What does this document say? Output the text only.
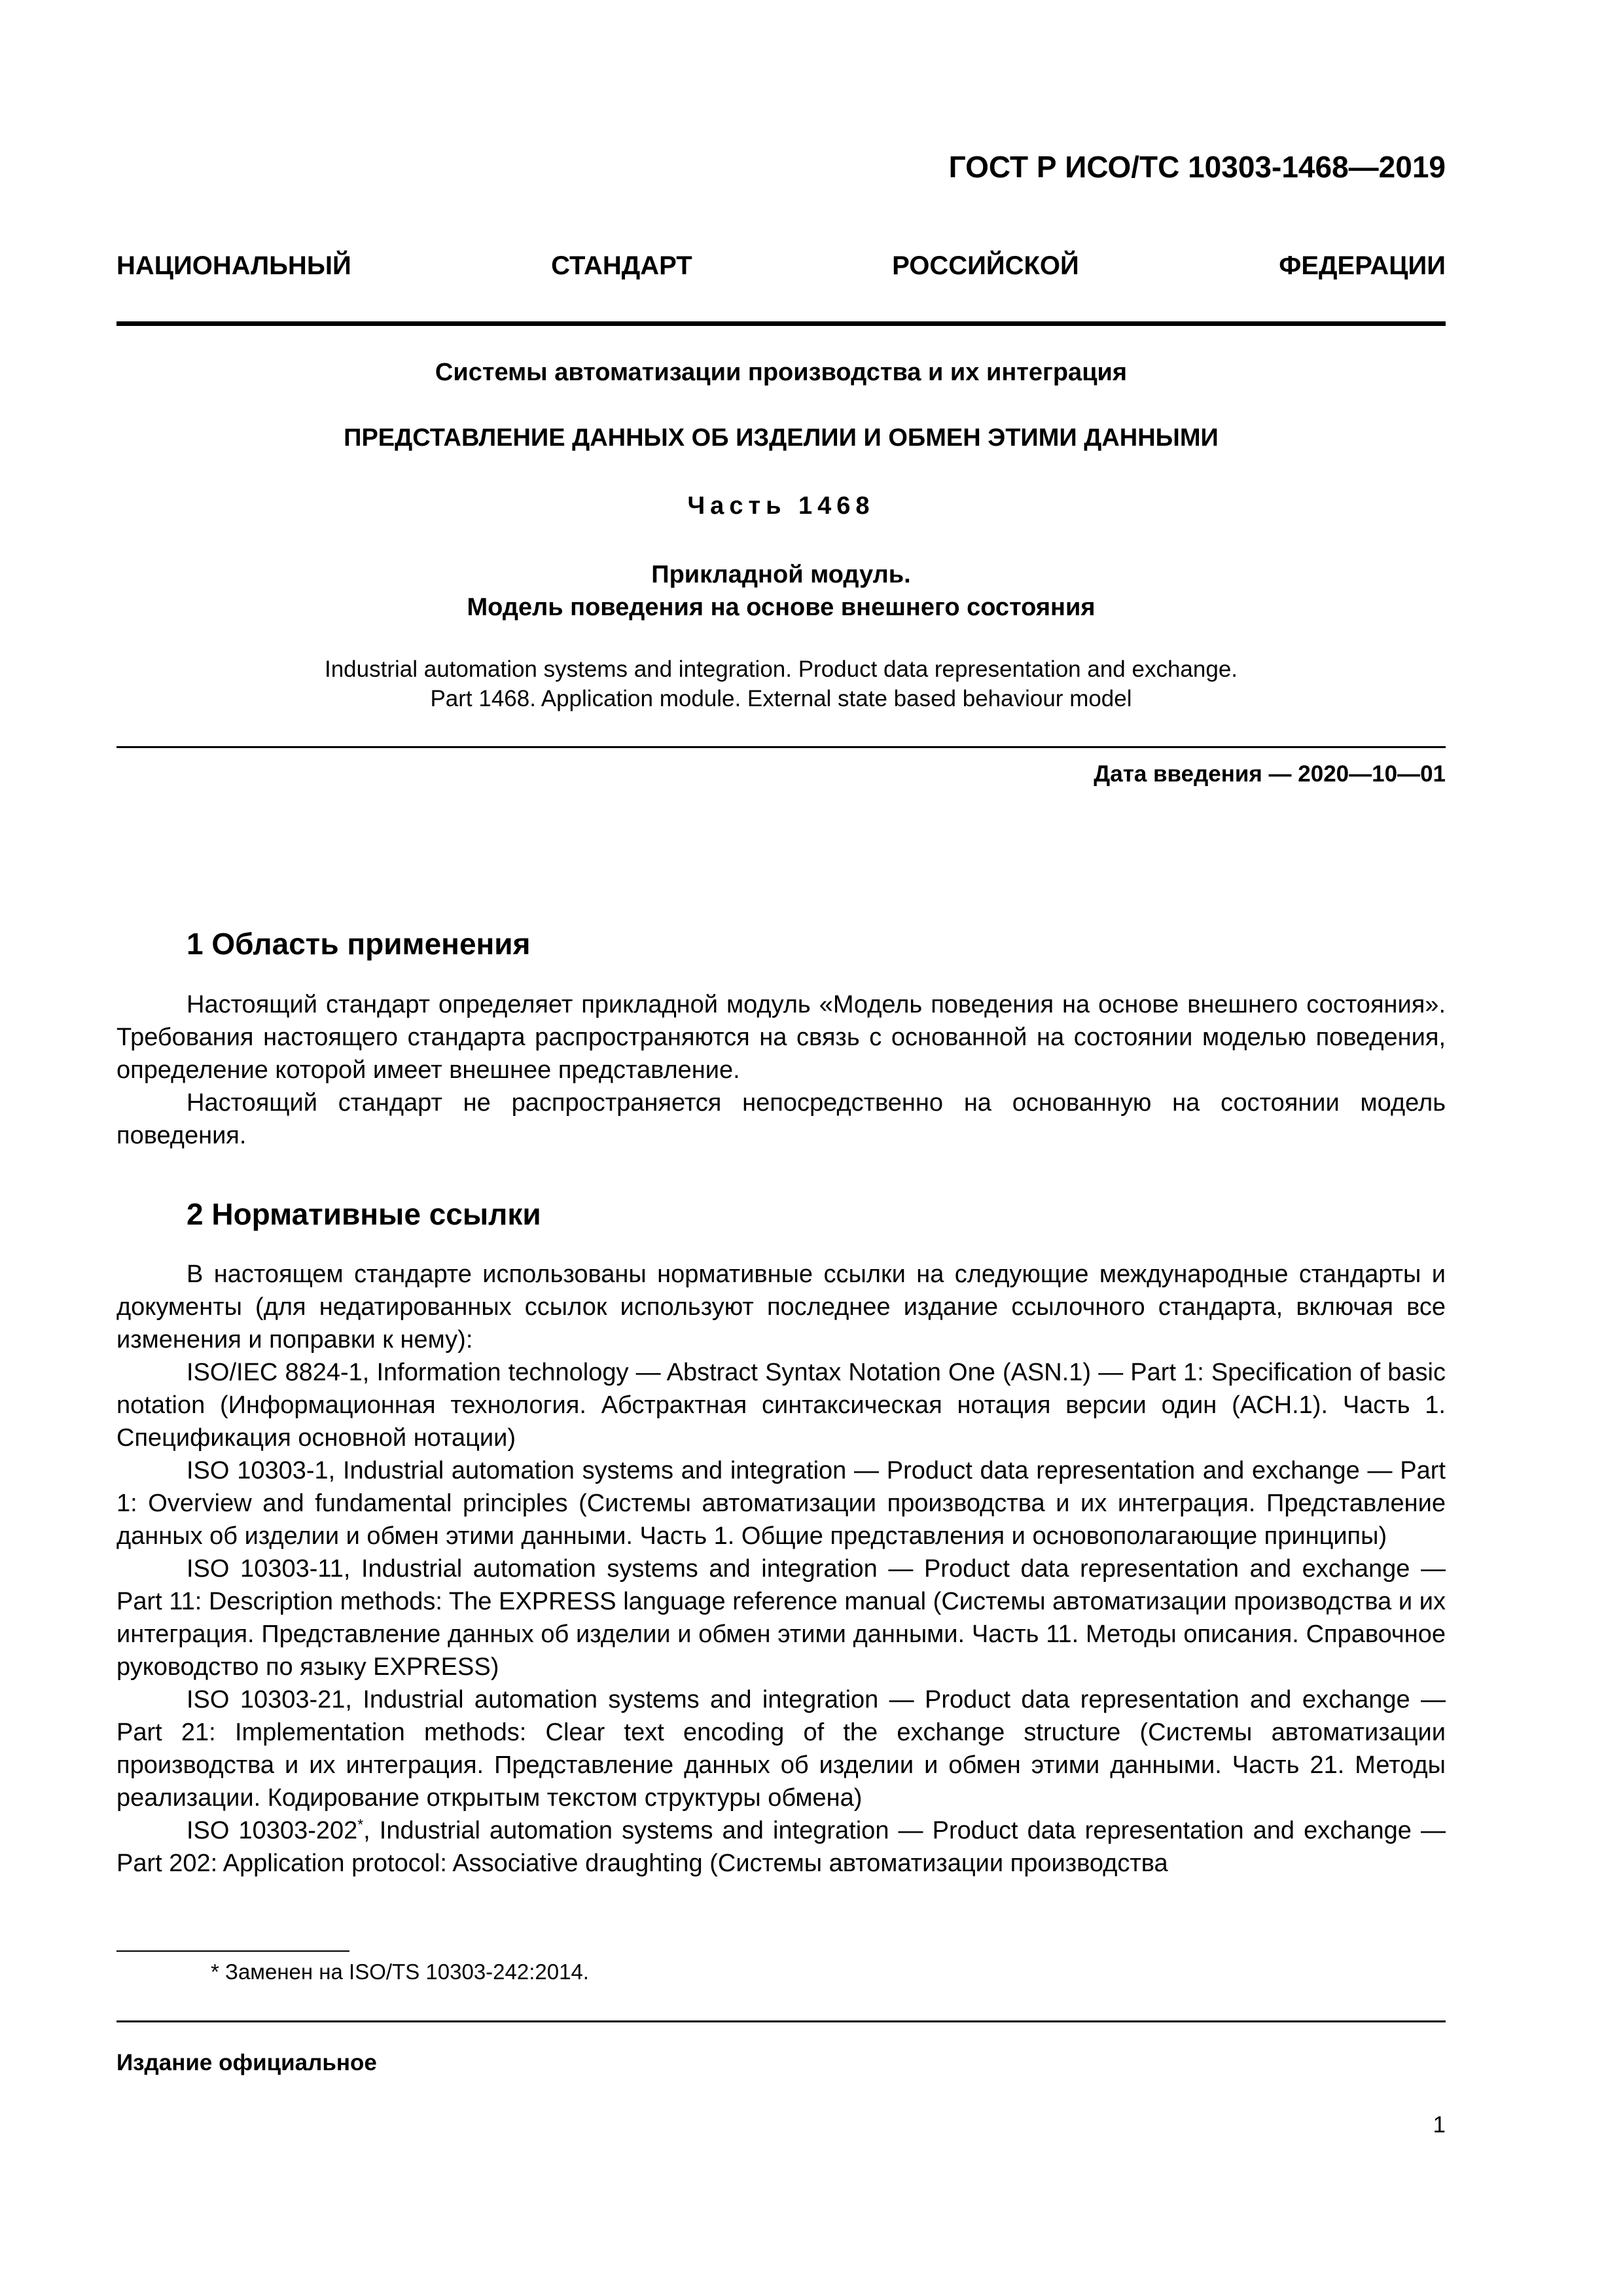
ГОСТ Р ИСО/ТС 10303-1468—2019
НАЦИОНАЛЬНЫЙ	СТАНДАРТ	РОССИЙСКОЙ	ФЕДЕРАЦИИ
Системы автоматизации производства и их интеграция
ПРЕДСТАВЛЕНИЕ ДАННЫХ ОБ ИЗДЕЛИИ И ОБМЕН ЭТИМИ ДАННЫМИ
Часть 1468
Прикладной модуль.
Модель поведения на основе внешнего состояния
Industrial automation systems and integration. Product data representation and exchange.
Part 1468. Application module. External state based behaviour model
Дата введения — 2020—10—01
1 Область применения

Настоящий стандарт определяет прикладной модуль «Модель поведения на основе внешнего состояния». Требования настоящего стандарта распространяются на связь с основанной на состоянии моделью поведения, определение которой имеет внешнее представление.

Настоящий стандарт не распространяется непосредственно на основанную на состоянии модель поведения.

2 Нормативные ссылки

В настоящем стандарте использованы нормативные ссылки на следующие международные стандарты и документы (для недатированных ссылок используют последнее издание ссылочного стандарта, включая все изменения и поправки к нему):

ISO/IEC 8824-1, Information technology — Abstract Syntax Notation One (ASN.1) — Part 1: Specification of basic notation (Информационная технология. Абстрактная синтаксическая нотация версии один (АСН.1). Часть 1. Спецификация основной нотации)

ISO 10303-1, Industrial automation systems and integration — Product data representation and exchange — Part 1: Overview and fundamental principles (Системы автоматизации производства и их интеграция. Представление данных об изделии и обмен этими данными. Часть 1. Общие представления и основополагающие принципы)

ISO 10303-11, Industrial automation systems and integration — Product data representation and exchange — Part 11: Description methods: The EXPRESS language reference manual (Системы автоматизации производства и их интеграция. Представление данных об изделии и обмен этими данными. Часть 11. Методы описания. Справочное руководство по языку EXPRESS)

ISO 10303-21, Industrial automation systems and integration — Product data representation and exchange — Part 21: Implementation methods: Clear text encoding of the exchange structure (Системы автоматизации производства и их интеграция. Представление данных об изделии и обмен этими данными. Часть 21. Методы реализации. Кодирование открытым текстом структуры обмена)

ISO 10303-202*, Industrial automation systems and integration — Product data representation and exchange — Part 202: Application protocol: Associative draughting (Системы автоматизации производства

* Заменен на ISO/TS 10303-242:2014.
Издание официальное
1
